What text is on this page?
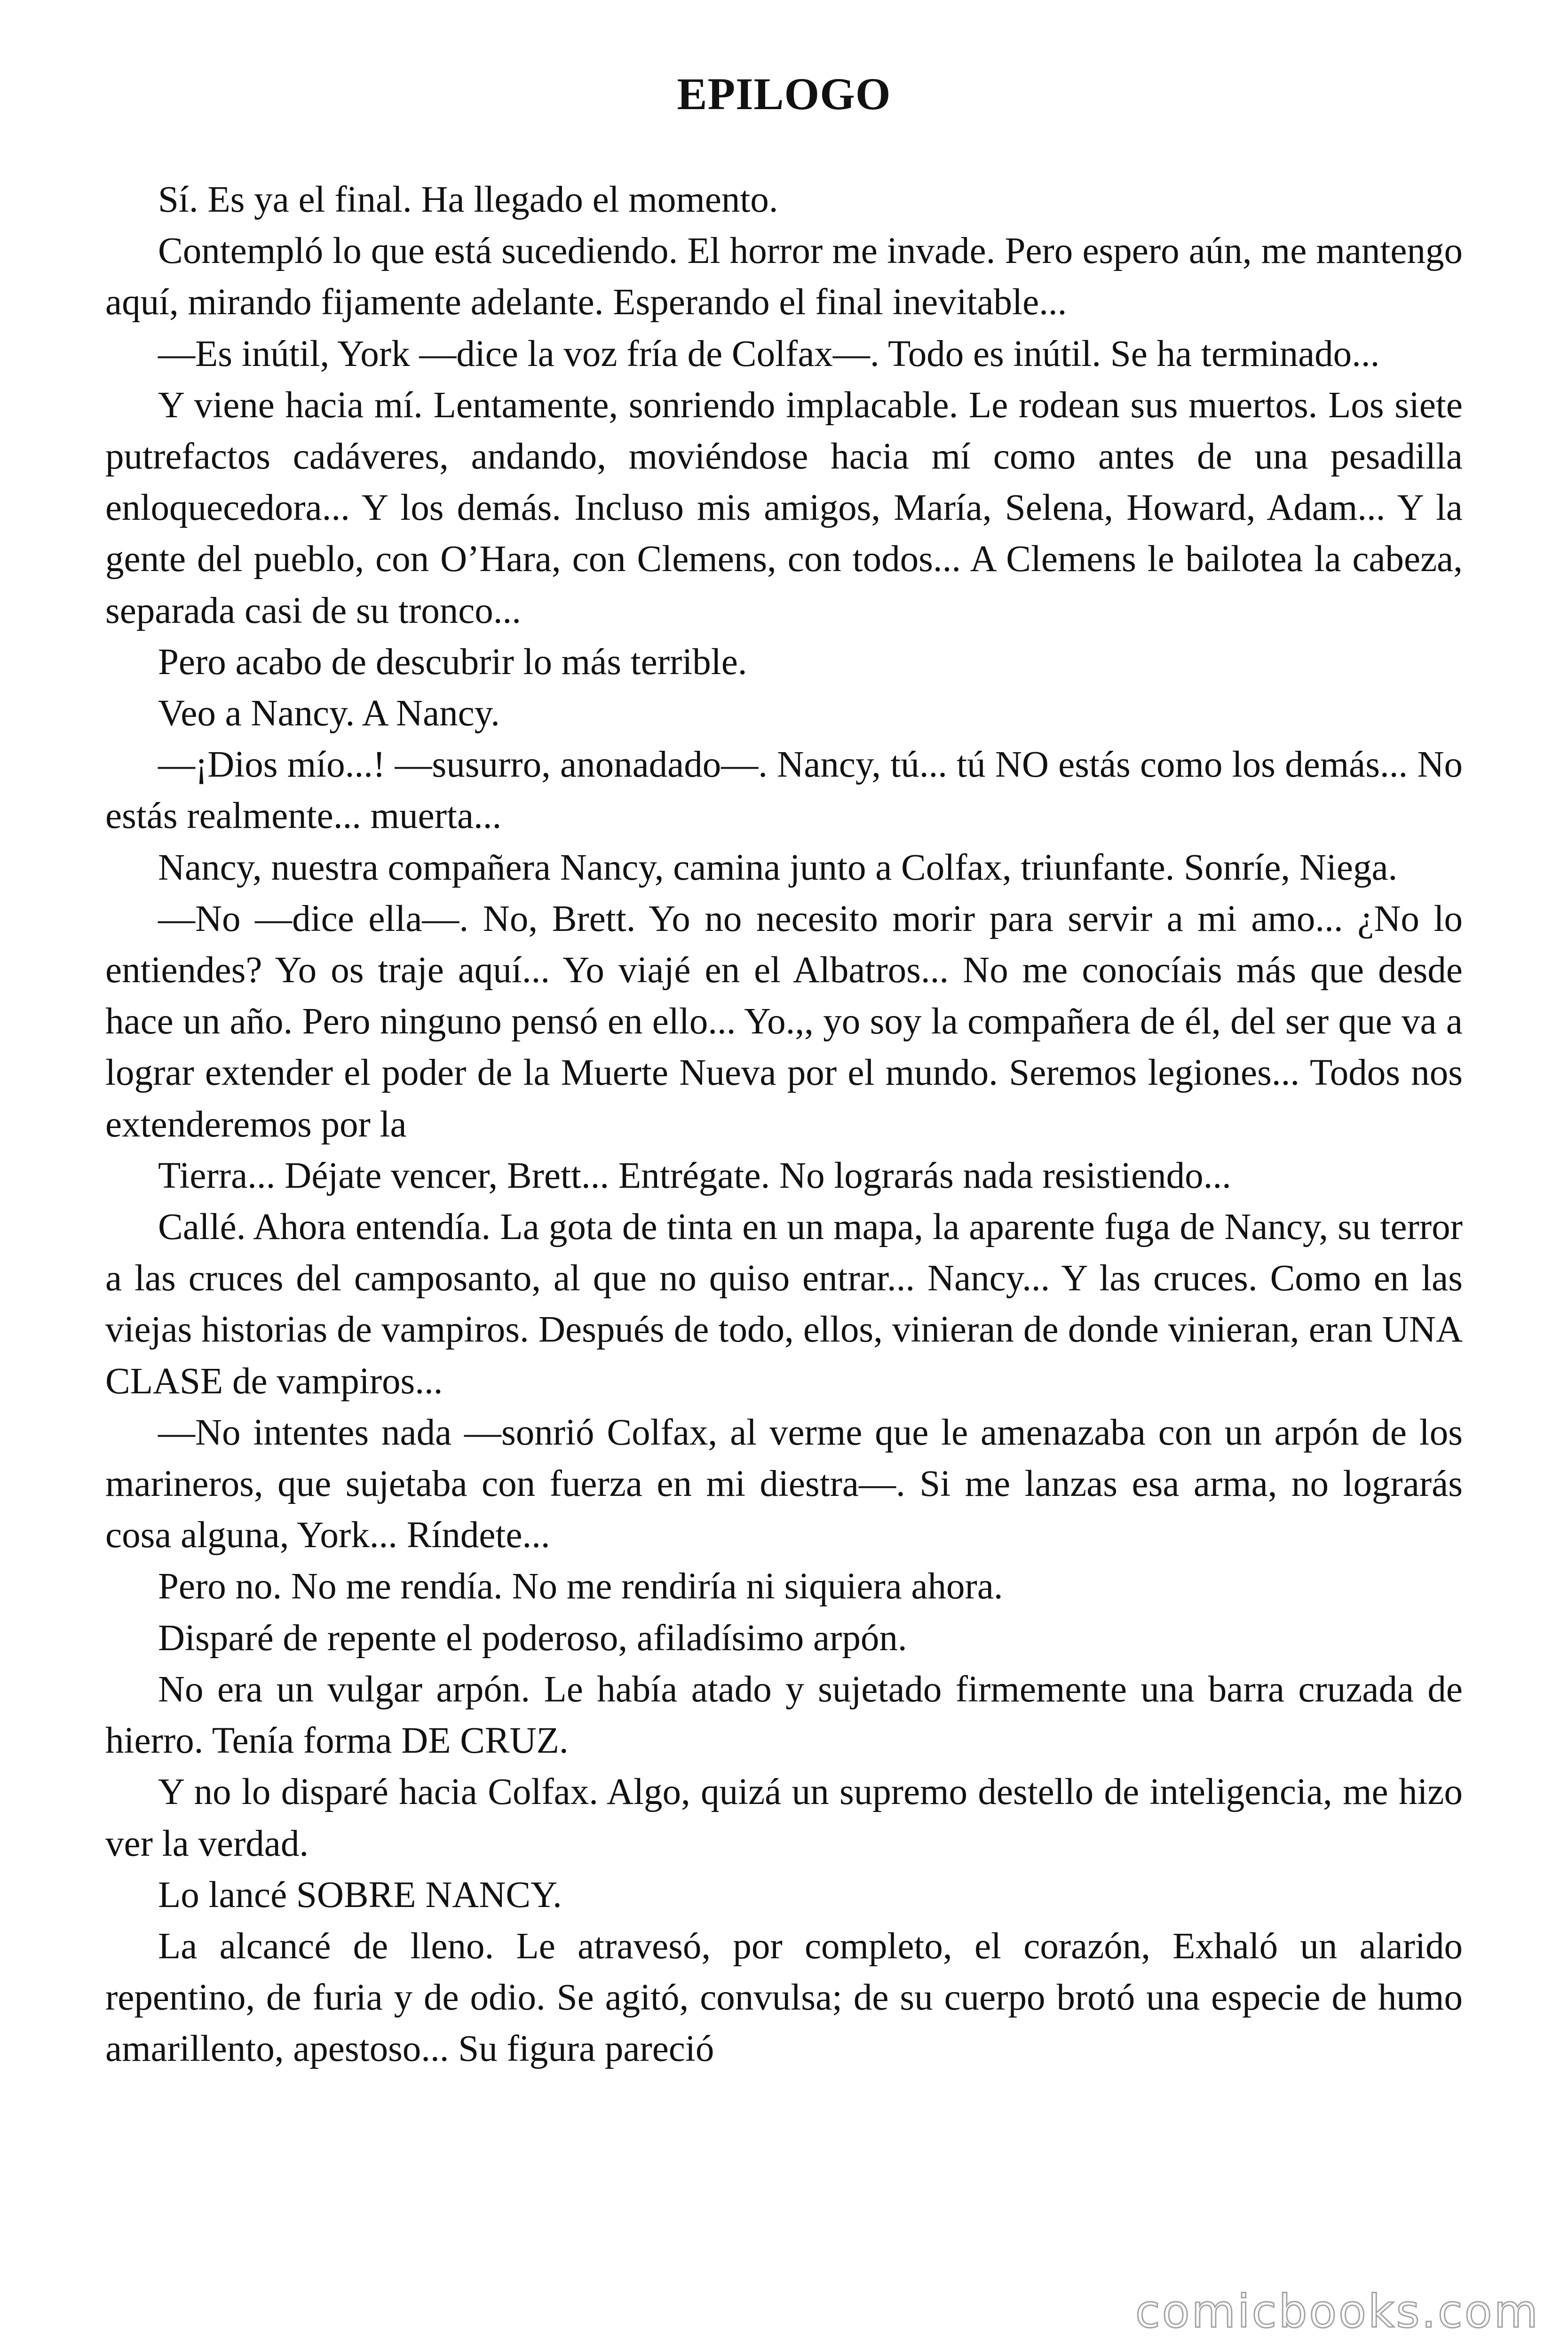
EPILOGO

Sí. Es ya el final. Ha llegado el momento.

Contempló lo que está sucediendo. El horror me invade. Pero espero aún, me mantengo aquí, mirando fijamente adelante. Esperando el final inevitable...

—Es inútil, York —dice la voz fría de Colfax—. Todo es inútil. Se ha terminado...

Y viene hacia mí. Lentamente, sonriendo implacable. Le rodean sus muertos. Los siete putrefactos cadáveres, andando, moviéndose hacia mí como antes de una pesadilla enloquecedora... Y los demás. Incluso mis amigos, María, Selena, Howard, Adam... Y la gente del pueblo, con O’Hara, con Clemens, con todos... A Clemens le bailotea la cabeza, separada casi de su tronco...

Pero acabo de descubrir lo más terrible.

Veo a Nancy. A Nancy.

—¡Dios mío...! —susurro, anonadado—. Nancy, tú... tú NO estás como los demás... No estás realmente... muerta...

Nancy, nuestra compañera Nancy, camina junto a Colfax, triunfante. Sonríe, Niega.

—No —dice ella—. No, Brett. Yo no necesito morir para servir a mi amo... ¿No lo entiendes? Yo os traje aquí... Yo viajé en el Albatros... No me conocíais más que desde hace un año. Pero ninguno pensó en ello... Yo.,, yo soy la compañera de él, del ser que va a lograr extender el poder de la Muerte Nueva por el mundo. Seremos legiones... Todos nos extenderemos por la

Tierra... Déjate vencer, Brett... Entrégate. No lograrás nada resistiendo...

Callé. Ahora entendía. La gota de tinta en un mapa, la aparente fuga de Nancy, su terror a las cruces del camposanto, al que no quiso entrar... Nancy... Y las cruces. Como en las viejas historias de vampiros. Después de todo, ellos, vinieran de donde vinieran, eran UNA CLASE de vampiros...

—No intentes nada —sonrió Colfax, al verme que le amenazaba con un arpón de los marineros, que sujetaba con fuerza en mi diestra—. Si me lanzas esa arma, no lograrás cosa alguna, York... Ríndete...

Pero no. No me rendía. No me rendiría ni siquiera ahora.

Disparé de repente el poderoso, afiladísimo arpón.

No era un vulgar arpón. Le había atado y sujetado firmemente una barra cruzada de hierro. Tenía forma DE CRUZ.

Y no lo disparé hacia Colfax. Algo, quizá un supremo destello de inteligencia, me hizo ver la verdad.

Lo lancé SOBRE NANCY.

La alcancé de lleno. Le atravesó, por completo, el corazón, Exhaló un alarido repentino, de furia y de odio. Se agitó, convulsa; de su cuerpo brotó una especie de humo amarillento, apestoso... Su figura pareció

comicbooks.com
